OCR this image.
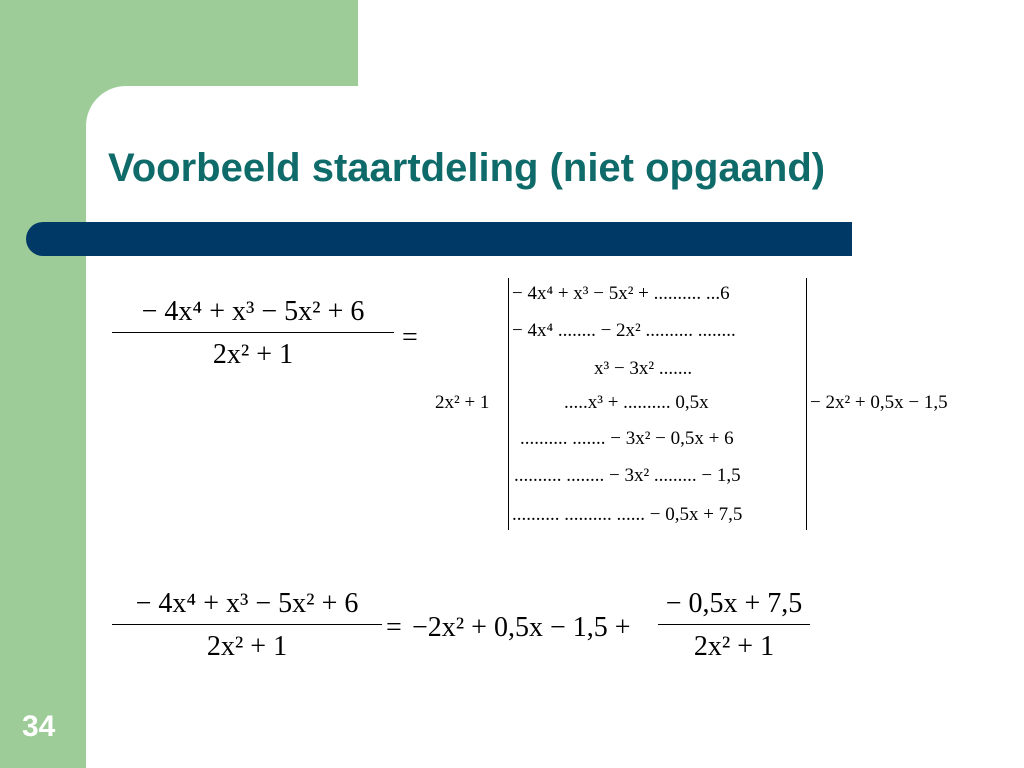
Voorbeeld staartdeling (niet opgaand)
− 4x⁴ + x³ − 5x² + 6
2x² + 1
=
2x² + 1	− 2x² + 0,5x − 1,5
− 4x⁴ + x³ − 5x² + .......... ...6
− 4x⁴ ........ − 2x² .......... ........
x³ − 3x² .......
.....x³ + .......... 0,5x
.......... ....... − 3x² − 0,5x + 6
.......... ........ − 3x² ......... − 1,5
.......... .......... ...... − 0,5x + 7,5
− 4x⁴ + x³ − 5x² + 6
2x² + 1
= −2x² + 0,5x − 1,5 +
− 0,5x + 7,5
2x² + 1
34
